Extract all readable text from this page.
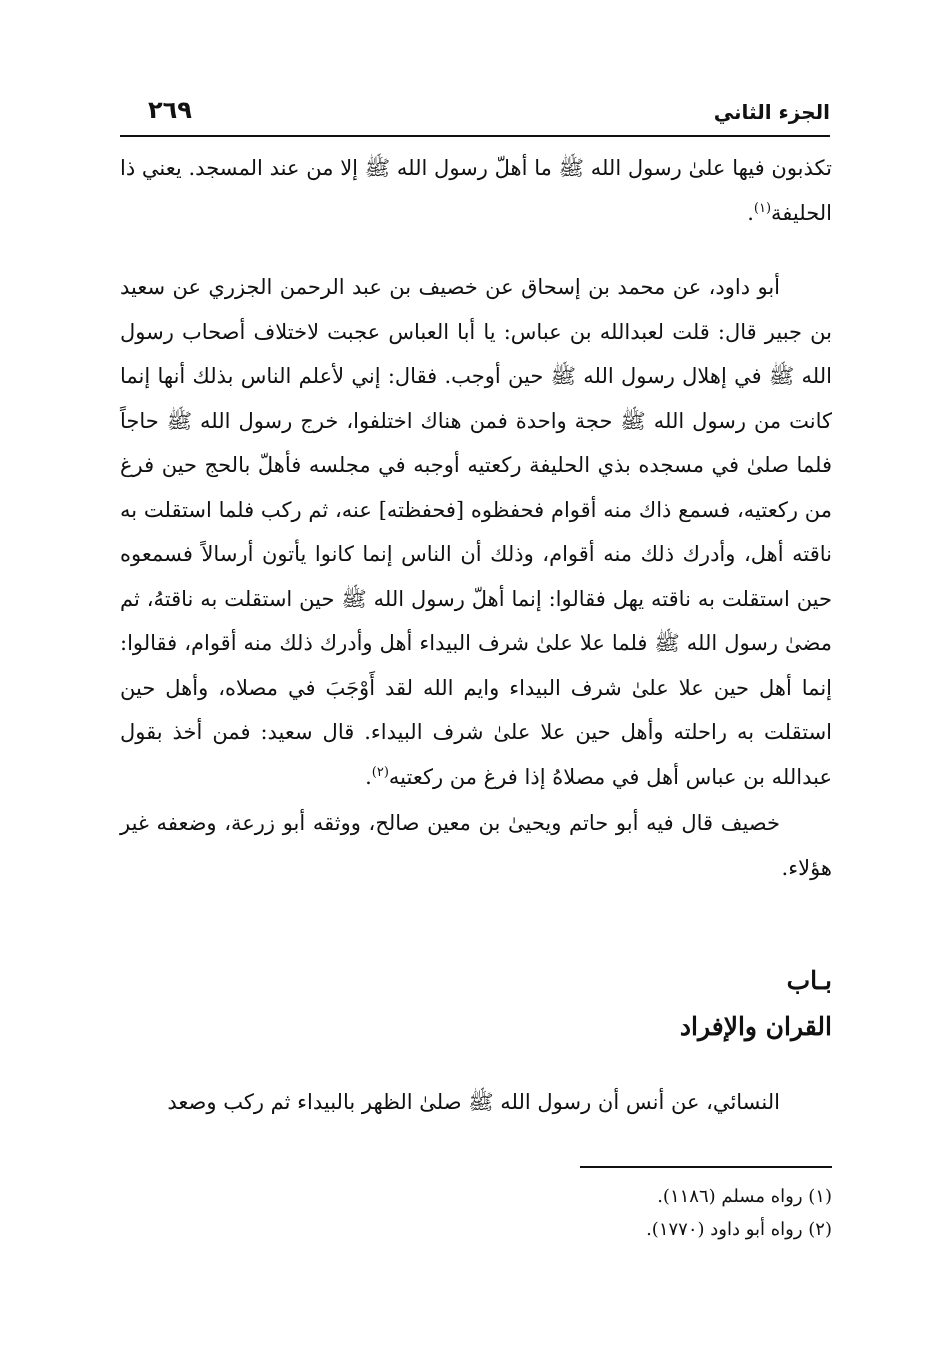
الجزء الثاني
٢٦٩

تكذبون فيها علىٰ رسول الله ﷺ ما أهلّ رسول الله ﷺ إلا من عند المسجد. يعني ذا الحليفة$^{(١)}$.

أبو داود، عن محمد بن إسحاق عن خصيف بن عبد الرحمن الجزري عن سعيد بن جبير قال: قلت لعبدالله بن عباس: يا أبا العباس عجبت لاختلاف أصحاب رسول الله ﷺ في إهلال رسول الله ﷺ حين أوجب. فقال: إني لأعلم الناس بذلك أنها إنما كانت من رسول الله ﷺ حجة واحدة فمن هناك اختلفوا، خرج رسول الله ﷺ حاجاً فلما صلىٰ في مسجده بذي الحليفة ركعتيه أوجبه في مجلسه فأهلّ بالحج حين فرغ من ركعتيه، فسمع ذاك منه أقوام فحفظوه [فحفظته] عنه، ثم ركب فلما استقلت به ناقته أهل، وأدرك ذلك منه أقوام، وذلك أن الناس إنما كانوا يأتون أرسالاً فسمعوه حين استقلت به ناقته يهل فقالوا: إنما أهلّ رسول الله ﷺ حين استقلت به ناقتهُ، ثم مضىٰ رسول الله ﷺ فلما علا علىٰ شرف البيداء أهل وأدرك ذلك منه أقوام، فقالوا: إنما أهل حين علا علىٰ شرف البيداء وايم الله لقد أَوْجَبَ في مصلاه، وأهل حين استقلت به راحلته وأهل حين علا علىٰ شرف البيداء. قال سعيد: فمن أخذ بقول عبدالله بن عباس أهل في مصلاهُ إذا فرغ من ركعتيه$^{(٢)}$.

خصيف قال فيه أبو حاتم ويحيىٰ بن معين صالح، ووثقه أبو زرعة، وضعفه غير هؤلاء.

بـاب

القران والإفراد

النسائي، عن أنس أن رسول الله ﷺ صلىٰ الظهر بالبيداء ثم ركب وصعد

(١) رواه مسلم (١١٨٦).

(٢) رواه أبو داود (١٧٧٠).
